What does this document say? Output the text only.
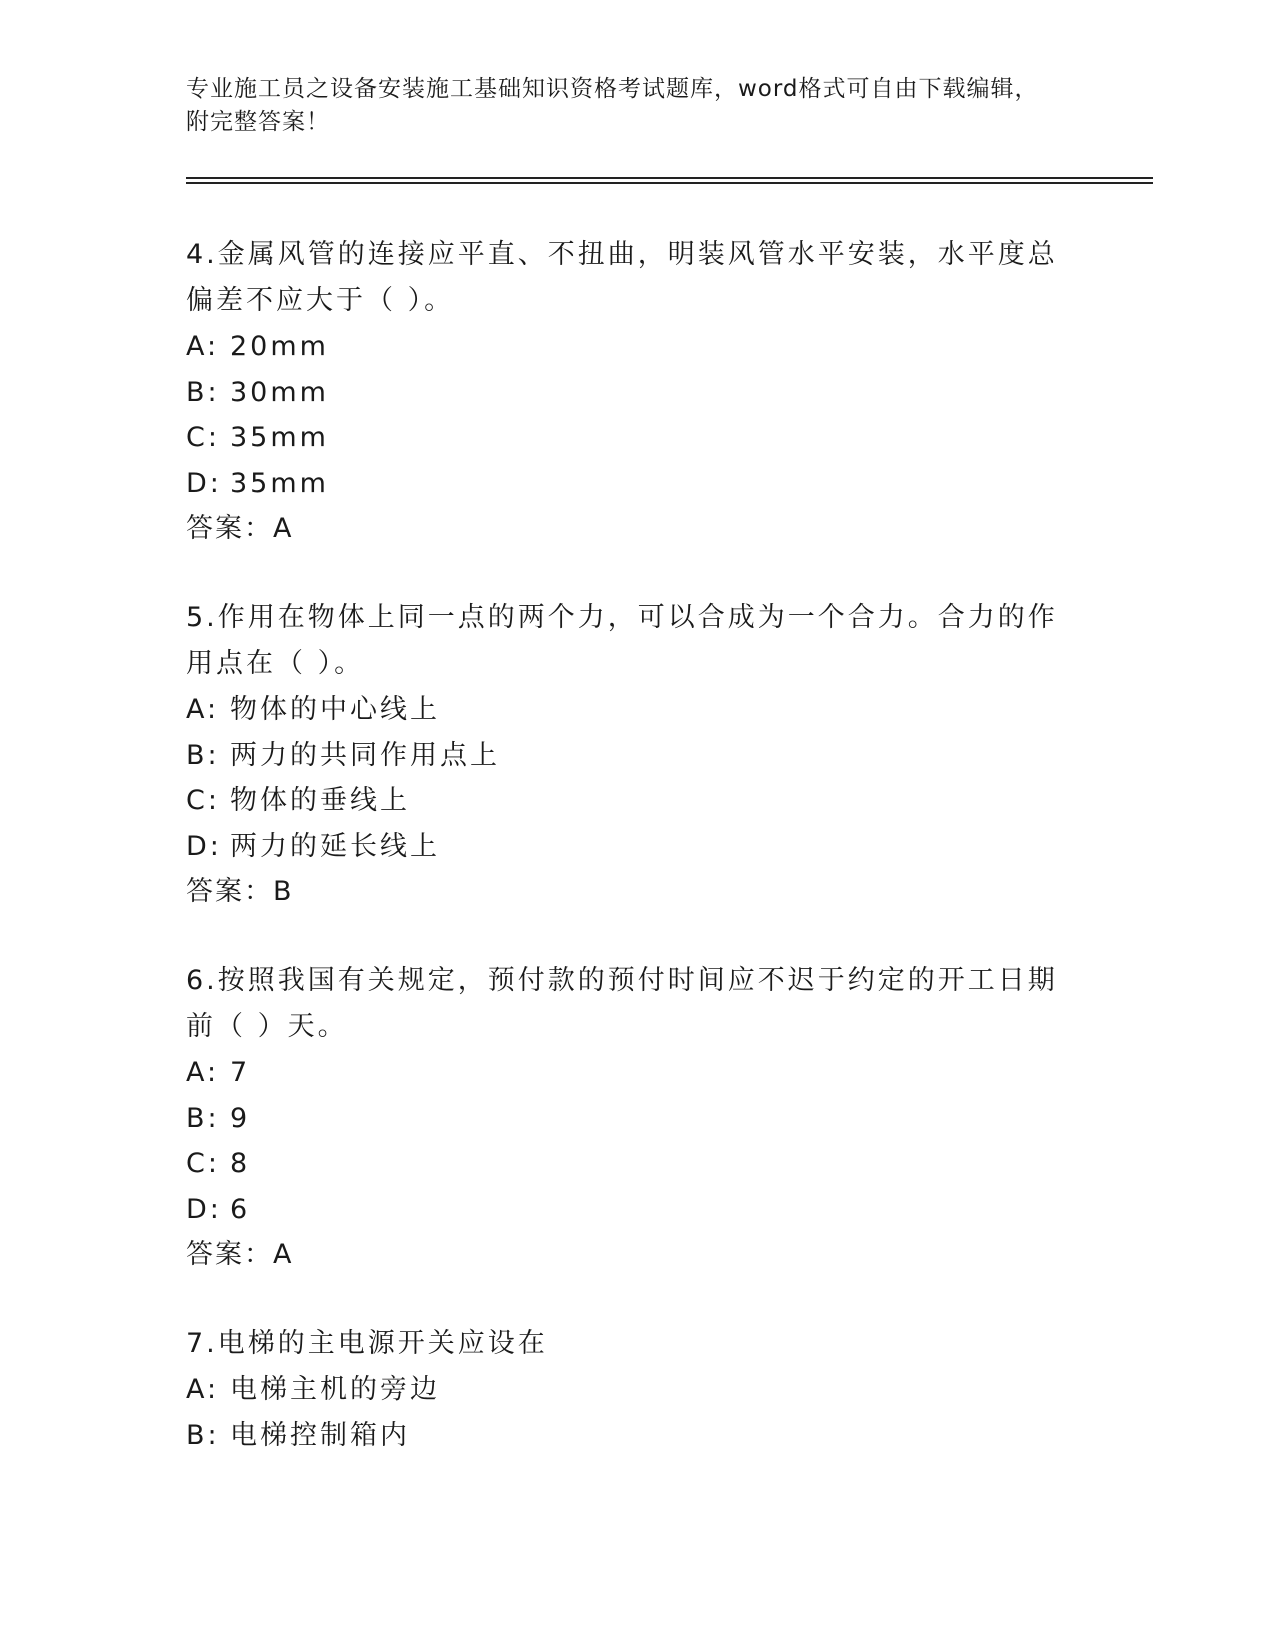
专业施工员之设备安装施工基础知识资格考试题库，word格式可自由下载编辑，
附完整答案！

4.金属风管的连接应平直、不扭曲，明装风管水平安装，水平度总偏差不应大于（ ）。

A: 20mm
B: 30mm
C: 35mm
D: 35mm
答案：A

5.作用在物体上同一点的两个力，可以合成为一个合力。合力的作用点在（ ）。

A: 物体的中心线上
B: 两力的共同作用点上
C: 物体的垂线上
D: 两力的延长线上
答案：B

6.按照我国有关规定，预付款的预付时间应不迟于约定的开工日期前（ ）天。

A: 7
B: 9
C: 8
D: 6
答案：A

7.电梯的主电源开关应设在

A: 电梯主机的旁边
B: 电梯控制箱内
